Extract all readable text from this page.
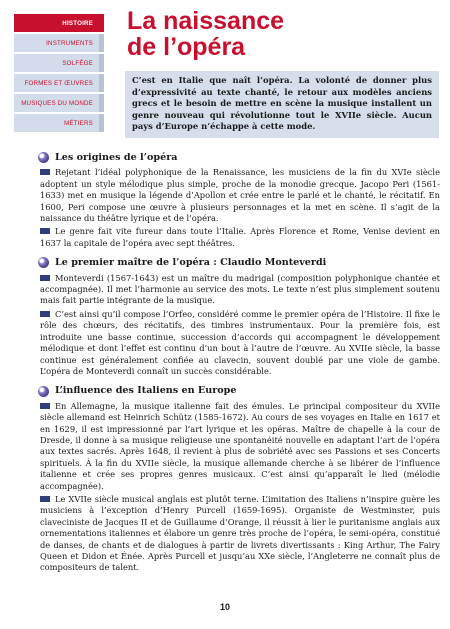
HISTOIRE
INSTRUMENTS
SOLFÈGE
FORMES ET ŒUVRES
MUSIQUES DU MONDE
MÉTIERS
La naissance
de l’opéra
C’est en Italie que naît l’opéra. La volonté de donner plus d’expressivité au texte chanté, le retour aux modèles anciens grecs et le besoin de mettre en scène la musique installent un genre nouveau qui révolutionne tout le XVIIe siècle. Aucun pays d’Europe n’échappe à cette mode.
Les origines de l’opéra

Rejetant l’idéal polyphonique de la Renaissance, les musiciens de la fin du XVIe siècle adoptent un style mélodique plus simple, proche de la monodie grecque. Jacopo Peri (1561-1633) met en musique la légende d’Apollon et crée entre le parlé et le chanté, le récitatif. En 1600, Peri compose une œuvre à plusieurs personnages et la met en scène. Il s’agit de la naissance du théâtre lyrique et de l’opéra.

Le genre fait vite fureur dans toute l’Italie. Après Florence et Rome, Venise devient en 1637 la capitale de l’opéra avec sept théâtres.

Le premier maître de l’opéra : Claudio Monteverdi

Monteverdi (1567-1643) est un maître du madrigal (composition polyphonique chantée et accompagnée). Il met l’harmonie au service des mots. Le texte n’est plus simplement soutenu mais fait partie intégrante de la musique.

C’est ainsi qu’il compose l’Orfeo, considéré comme le premier opéra de l’Histoire. Il fixe le rôle des chœurs, des récitatifs, des timbres instrumentaux. Pour la première fois, est introduite une basse continue, succession d’accords qui accompagnent le développement mélodique et dont l’effet est continu d’un bout à l’autre de l’œuvre. Au XVIIe siècle, la basse continue est généralement confiée au clavecin, souvent doublé par une viole de gambe. L’opéra de Monteverdi connaît un succès considérable.

L’influence des Italiens en Europe

En Allemagne, la musique italienne fait des émules. Le principal compositeur du XVIIe siècle allemand est Heinrich Schütz (1585-1672). Au cours de ses voyages en Italie en 1617 et en 1629, il est impressionné par l’art lyrique et les opéras. Maître de chapelle à la cour de Dresde, il donne à sa musique religieuse une spontanéité nouvelle en adaptant l’art de l’opéra aux textes sacrés. Après 1648, il revient à plus de sobriété avec ses Passions et ses Concerts spirituels. À la fin du XVIIe siècle, la musique allemande cherche à se libérer de l’influence italienne et crée ses propres genres musicaux. C’est ainsi qu’apparaît le lied (mélodie accompagnée).

Le XVIIe siècle musical anglais est plutôt terne. L’imitation des Italiens n’inspire guère les musiciens à l’exception d’Henry Purcell (1659-1695). Organiste de Westminster, puis claveciniste de Jacques II et de Guillaume d’Orange, il réussit à lier le puritanisme anglais aux ornementations italiennes et élabore un genre très proche de l’opéra, le semi-opéra, constitué de danses, de chants et de dialogues à partir de livrets divertissants : King Arthur, The Fairy Queen et Didon et Énée. Après Purcell et jusqu’au XXe siècle, l’Angleterre ne connaît plus de compositeurs de talent.

10
